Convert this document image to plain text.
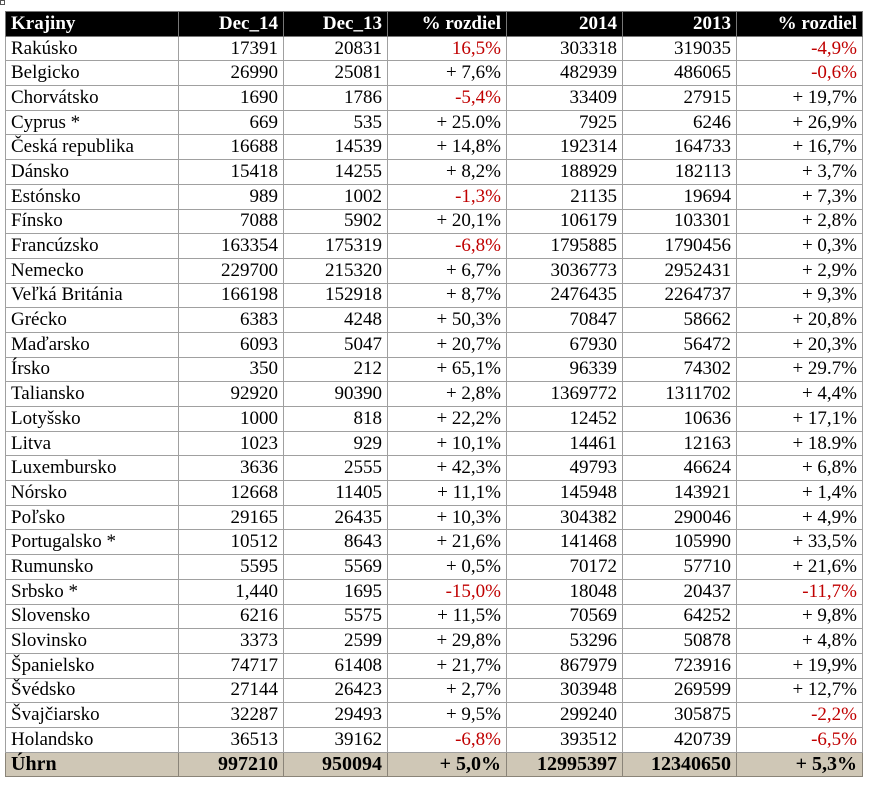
Krajiny	Dec_14	Dec_13	% rozdiel	2014	2013	% rozdiel
Rakúsko	17391	20831	16,5%	303318	319035	-4,9%
Belgicko	26990	25081	+ 7,6%	482939	486065	-0,6%
Chorvátsko	1690	1786	-5,4%	33409	27915	+ 19,7%
Cyprus *	669	535	+ 25.0%	7925	6246	+ 26,9%
Česká republika	16688	14539	+ 14,8%	192314	164733	+ 16,7%
Dánsko	15418	14255	+ 8,2%	188929	182113	+ 3,7%
Estónsko	989	1002	-1,3%	21135	19694	+ 7,3%
Fínsko	7088	5902	+ 20,1%	106179	103301	+ 2,8%
Francúzsko	163354	175319	-6,8%	1795885	1790456	+ 0,3%
Nemecko	229700	215320	+ 6,7%	3036773	2952431	+ 2,9%
Veľká Británia	166198	152918	+ 8,7%	2476435	2264737	+ 9,3%
Grécko	6383	4248	+ 50,3%	70847	58662	+ 20,8%
Maďarsko	6093	5047	+ 20,7%	67930	56472	+ 20,3%
Írsko	350	212	+ 65,1%	96339	74302	+ 29.7%
Taliansko	92920	90390	+ 2,8%	1369772	1311702	+ 4,4%
Lotyšsko	1000	818	+ 22,2%	12452	10636	+ 17,1%
Litva	1023	929	+ 10,1%	14461	12163	+ 18.9%
Luxembursko	3636	2555	+ 42,3%	49793	46624	+ 6,8%
Nórsko	12668	11405	+ 11,1%	145948	143921	+ 1,4%
Poľsko	29165	26435	+ 10,3%	304382	290046	+ 4,9%
Portugalsko *	10512	8643	+ 21,6%	141468	105990	+ 33,5%
Rumunsko	5595	5569	+ 0,5%	70172	57710	+ 21,6%
Srbsko *	1,440	1695	-15,0%	18048	20437	-11,7%
Slovensko	6216	5575	+ 11,5%	70569	64252	+ 9,8%
Slovinsko	3373	2599	+ 29,8%	53296	50878	+ 4,8%
Španielsko	74717	61408	+ 21,7%	867979	723916	+ 19,9%
Švédsko	27144	26423	+ 2,7%	303948	269599	+ 12,7%
Švajčiarsko	32287	29493	+ 9,5%	299240	305875	-2,2%
Holandsko	36513	39162	-6,8%	393512	420739	-6,5%
Úhrn	997210	950094	+ 5,0%	12995397	12340650	+ 5,3%
